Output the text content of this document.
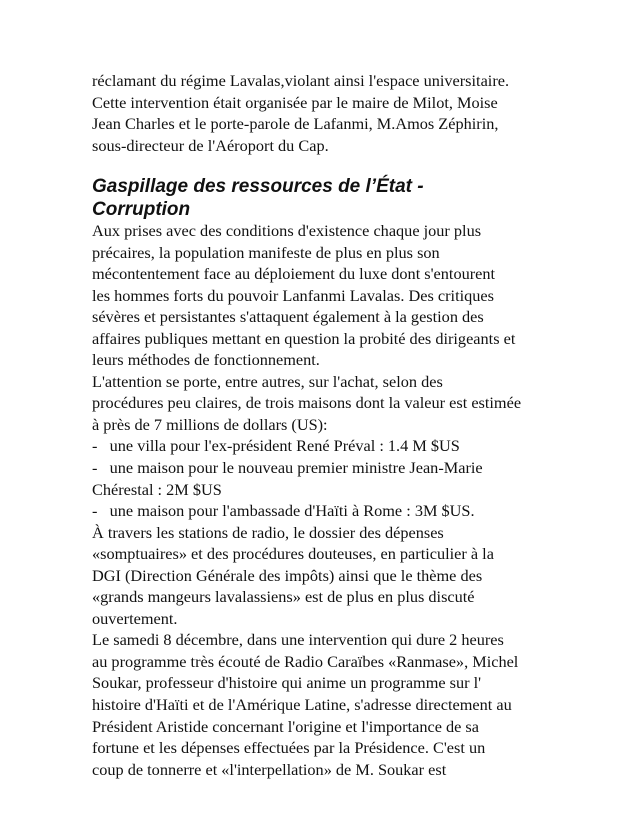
réclamant du régime Lavalas,violant ainsi l'espace universitaire.
Cette intervention était organisée par le maire de Milot, Moise
Jean Charles et le porte-parole de Lafanmi, M.Amos Zéphirin,
sous-directeur de l'Aéroport du Cap.

Gaspillage des ressources de l’État -
Corruption

Aux prises avec des conditions d'existence chaque jour plus
précaires, la population manifeste de plus en plus son
mécontentement face au déploiement du luxe dont s'entourent
les hommes forts du pouvoir Lanfanmi Lavalas. Des critiques
sévères et persistantes s'attaquent également à la gestion des
affaires publiques mettant en question la probité des dirigeants et
leurs méthodes de fonctionnement.
L'attention se porte, entre autres, sur l'achat, selon des
procédures peu claires, de trois maisons dont la valeur est estimée
à près de 7 millions de dollars (US):
-   une villa pour l'ex-président René Préval : 1.4 M $US
-   une maison pour le nouveau premier ministre Jean-Marie
Chérestal : 2M $US
-   une maison pour l'ambassade d'Haïti à Rome : 3M $US.
À travers les stations de radio, le dossier des dépenses
«somptuaires» et des procédures douteuses, en particulier à la
DGI (Direction Générale des impôts) ainsi que le thème des
«grands mangeurs lavalassiens» est de plus en plus discuté
ouvertement.
Le samedi 8 décembre, dans une intervention qui dure 2 heures
au programme très écouté de Radio Caraïbes «Ranmase», Michel
Soukar, professeur d'histoire qui anime un programme sur l'
histoire d'Haïti et de l'Amérique Latine, s'adresse directement au
Président Aristide concernant l'origine et l'importance de sa
fortune et les dépenses effectuées par la Présidence. C'est un
coup de tonnerre et «l'interpellation» de M. Soukar est
